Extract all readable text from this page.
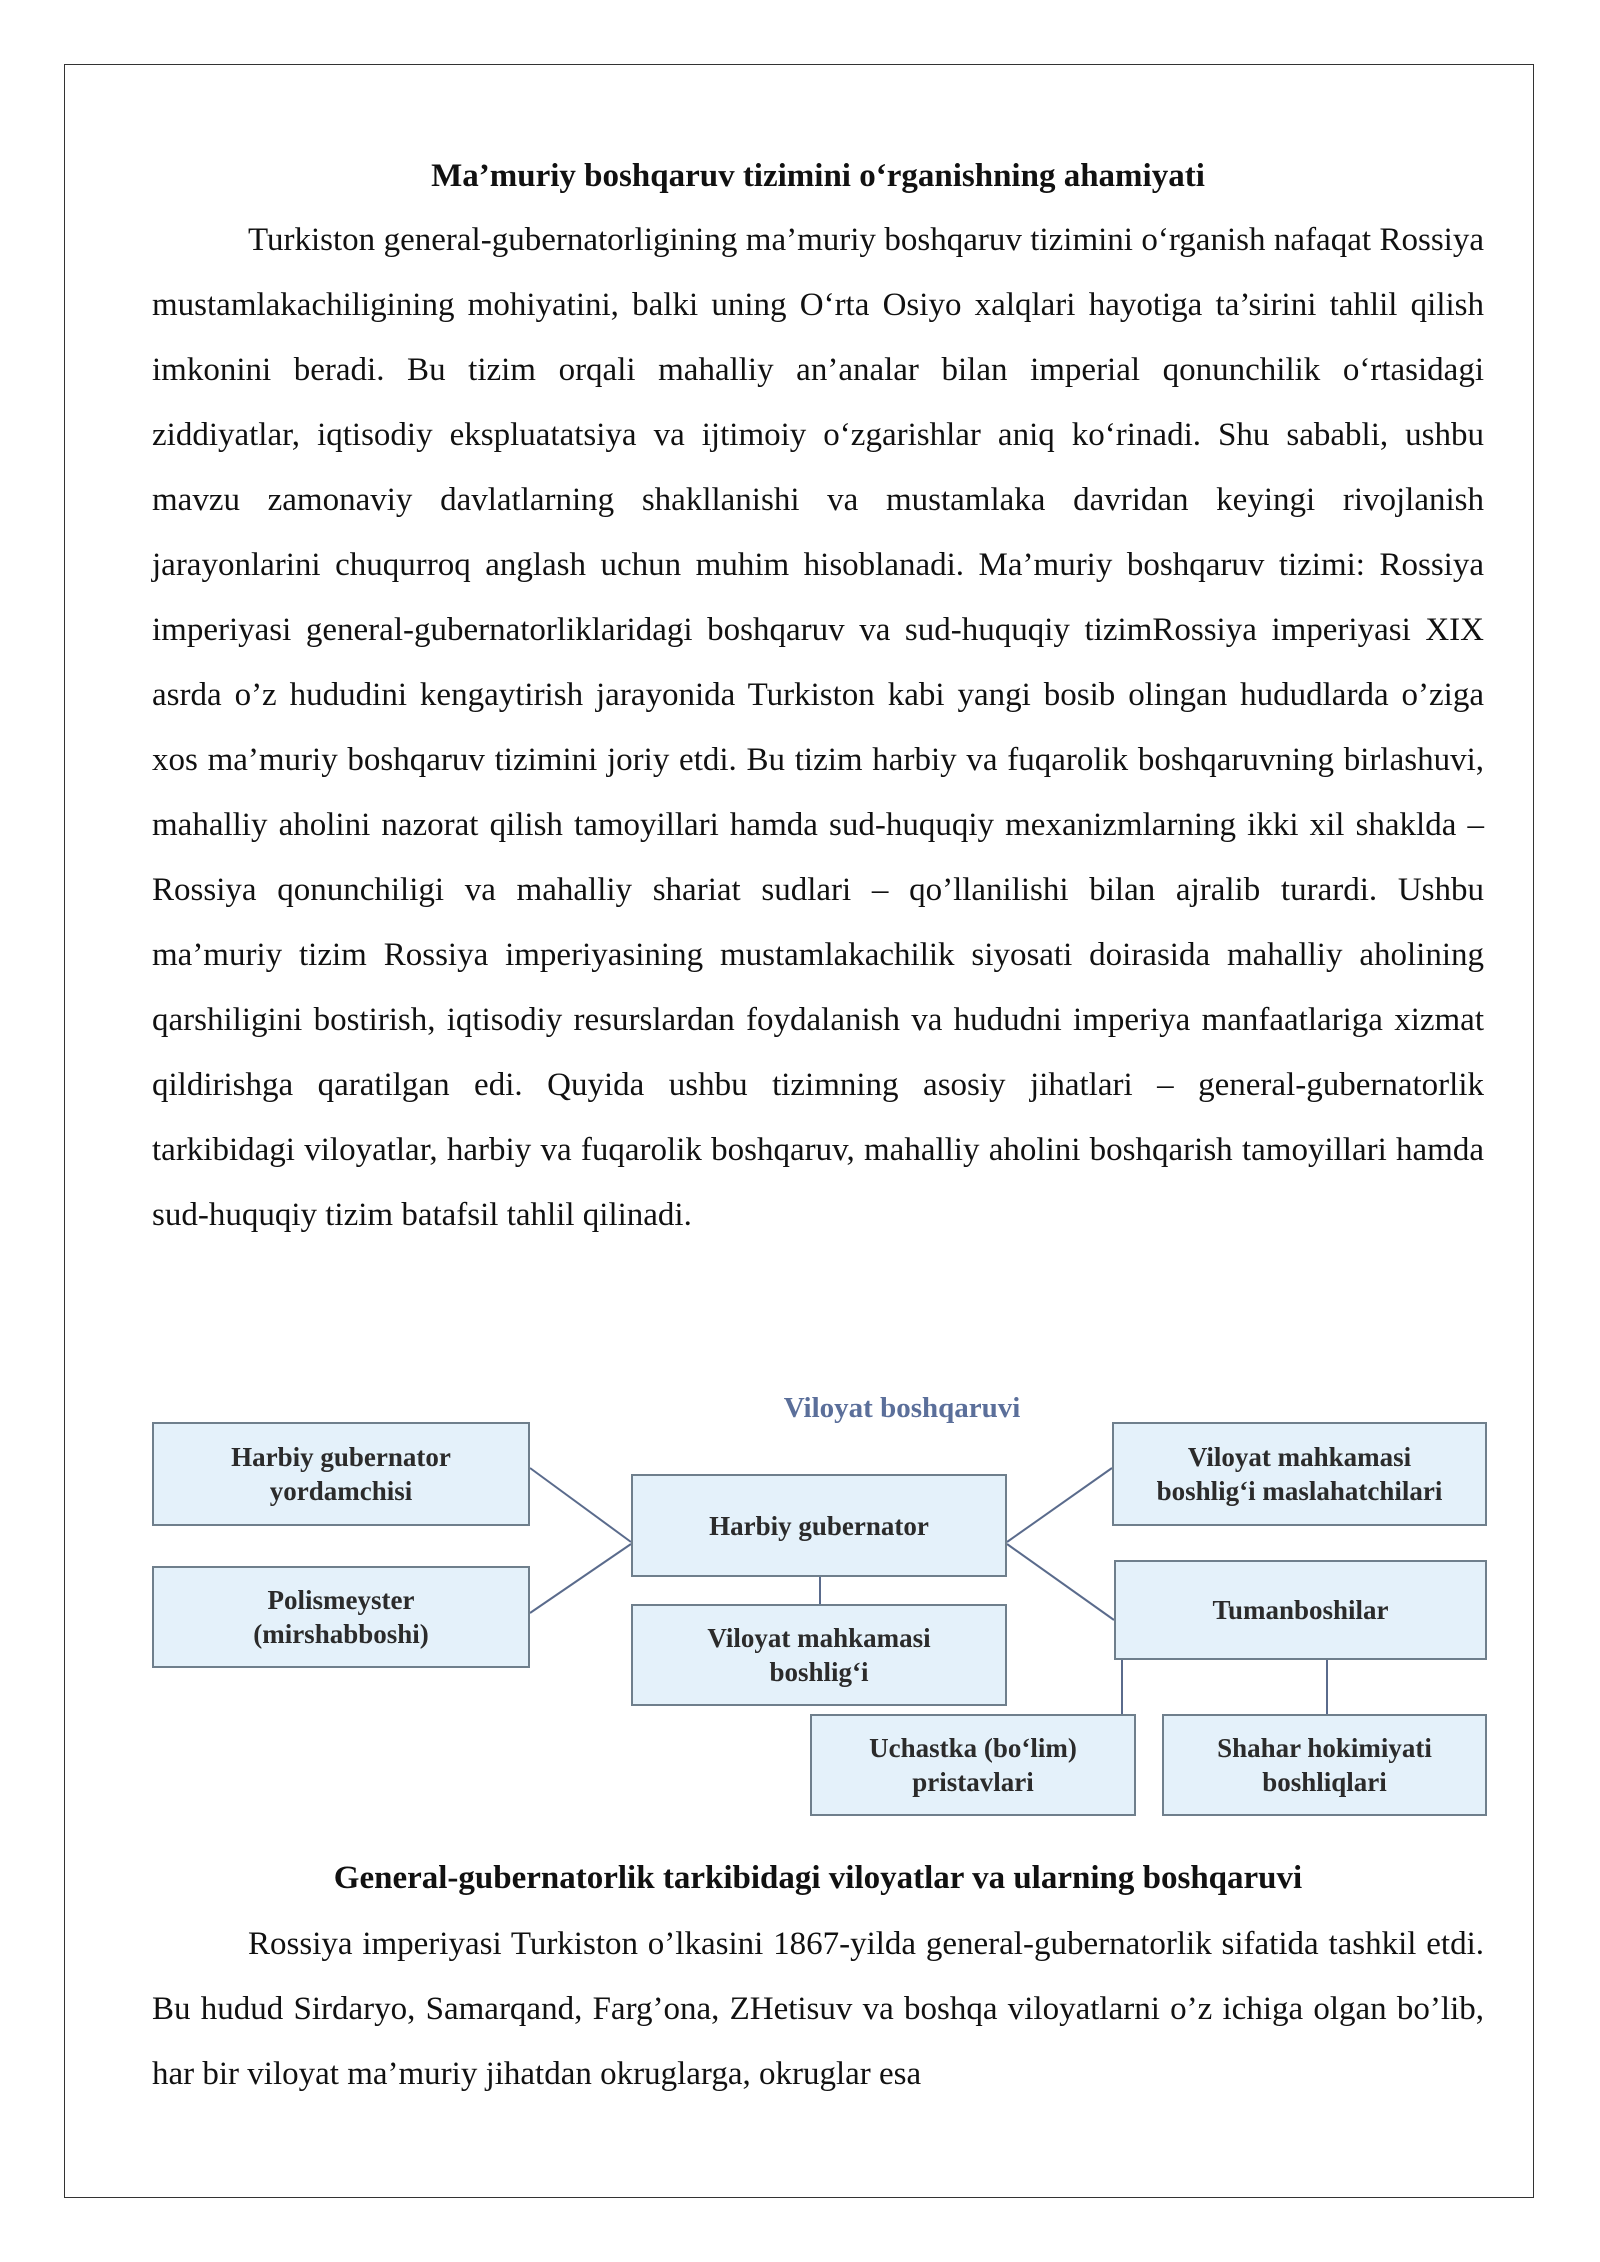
Ma’muriy boshqaruv tizimini o‘rganishning ahamiyati

Turkiston general-gubernatorligining ma’muriy boshqaruv tizimini o‘rganish nafaqat Rossiya mustamlakachiligining mohiyatini, balki uning O‘rta Osiyo xalqlari hayotiga ta’sirini tahlil qilish imkonini beradi. Bu tizim orqali mahalliy an’analar bilan imperial qonunchilik o‘rtasidagi ziddiyatlar, iqtisodiy ekspluatatsiya va ijtimoiy o‘zgarishlar aniq ko‘rinadi. Shu sababli, ushbu mavzu zamonaviy davlatlarning shakllanishi va mustamlaka davridan keyingi rivojlanish jarayonlarini chuqurroq anglash uchun muhim hisoblanadi. Ma’muriy boshqaruv tizimi: Rossiya imperiyasi general-gubernatorliklaridagi boshqaruv va sud-huquqiy tizimRossiya imperiyasi XIX asrda o’z hududini kengaytirish jarayonida Turkiston kabi yangi bosib olingan hududlarda o’ziga xos ma’muriy boshqaruv tizimini joriy etdi. Bu tizim harbiy va fuqarolik boshqaruvning birlashuvi, mahalliy aholini nazorat qilish tamoyillari hamda sud-huquqiy mexanizmlarning ikki xil shaklda – Rossiya qonunchiligi va mahalliy shariat sudlari – qo’llanilishi bilan ajralib turardi. Ushbu ma’muriy tizim Rossiya imperiyasining mustamlakachilik siyosati doirasida mahalliy aholining qarshiligini bostirish, iqtisodiy resurslardan foydalanish va hududni imperiya manfaatlariga xizmat qildirishga qaratilgan edi. Quyida ushbu tizimning asosiy jihatlari – general-gubernatorlik tarkibidagi viloyatlar, harbiy va fuqarolik boshqaruv, mahalliy aholini boshqarish tamoyillari hamda sud-huquqiy tizim batafsil tahlil qilinadi.

Viloyat boshqaruvi
Harbiy gubernator
yordamchisi
Polismeyster
(mirshabboshi)
Harbiy gubernator
Viloyat mahkamasi
boshlig‘i
Viloyat mahkamasi
boshlig‘i maslahatchilari
Tumanboshilar
Uchastka (bo‘lim)
pristavlari
Shahar hokimiyati
boshliqlari
General-gubernatorlik tarkibidagi viloyatlar va ularning boshqaruvi

Rossiya imperiyasi Turkiston o’lkasini 1867-yilda general-gubernatorlik sifatida tashkil etdi. Bu hudud Sirdaryo, Samarqand, Farg’ona, ZHetisuv va boshqa viloyatlarni o’z ichiga olgan bo’lib, har bir viloyat ma’muriy jihatdan okruglarga, okruglar esa
